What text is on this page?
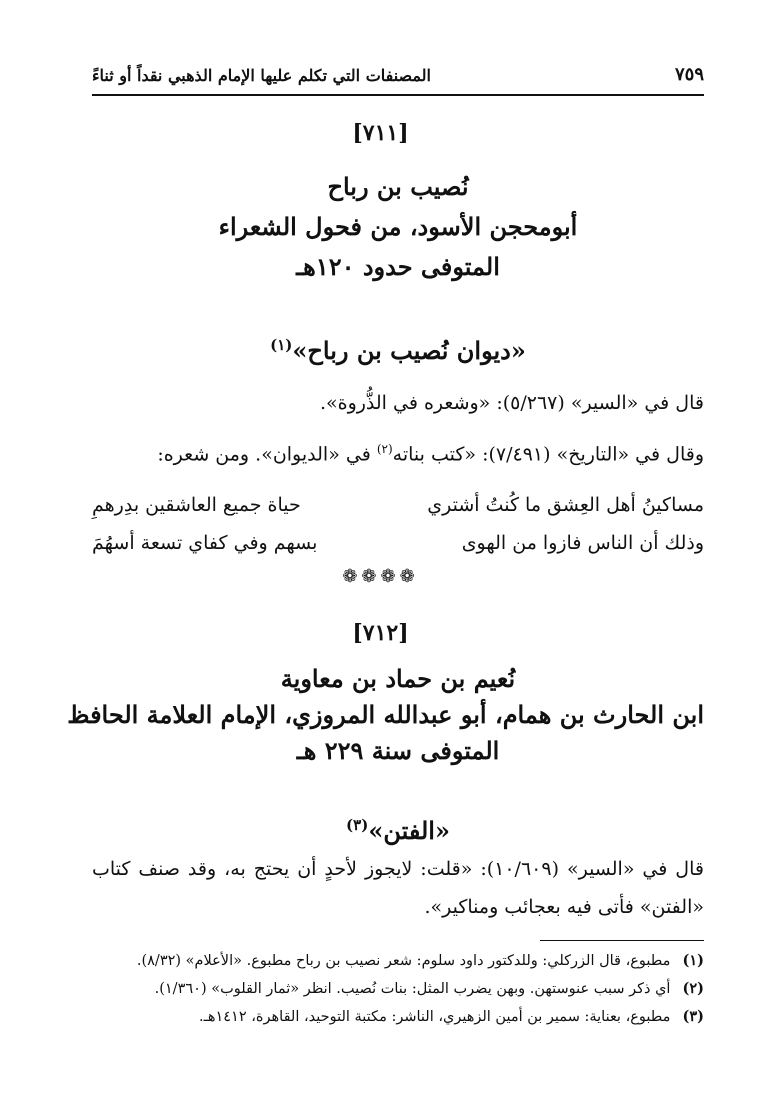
المصنفات التي تكلم عليها الإمام الذهبي نقداً أو ثناءً	٧٥٩
[٧١١]
نُصيب بن رباح
أبومحجن الأسود، من فحول الشعراء
المتوفى حدود ١٢٠هـ
«ديوان نُصيب بن رباح»$^{(١)}$
قال في «السير» (٥/٢٦٧): «وشعره في الذُّروة».
وقال في «التاريخ» (٧/٤٩١): «كتب بناته$^{(٢)}$ في «الديوان». ومن شعره:
مساكينُ أهل العِشق ما كُنتُ أشتري
حياة جميع العاشقين بدِرهمِ
وذلك أن الناس فازوا من الهوى
بسهم وفي كفاي تسعة أسهُمَ
❁❁❁❁
[٧١٢]
نُعيم بن حماد بن معاوية
ابن الحارث بن همام، أبو عبدالله المروزي، الإمام العلامة الحافظ
المتوفى سنة ٢٢٩ هـ
«الفتن»$^{(٣)}$
قال في «السير» (١٠/٦٠٩): «قلت: لايجوز لأحدٍ أن يحتج به، وقد صنف كتاب «الفتن» فأتى فيه بعجائب ومناكير».
(١)مطبوع، قال الزركلي: وللدكتور داود سلوم: شعر نصيب بن رباح مطبوع. «الأعلام» (٨/٣٢).
(٢)أي ذكر سبب عنوستهن. وبهن يضرب المثل: بنات نُصيب. انظر «ثمار القلوب» (١/٣٦٠).
(٣)مطبوع، بعناية: سمير بن أمين الزهيري، الناشر: مكتبة التوحيد، القاهرة، ١٤١٢هـ.
